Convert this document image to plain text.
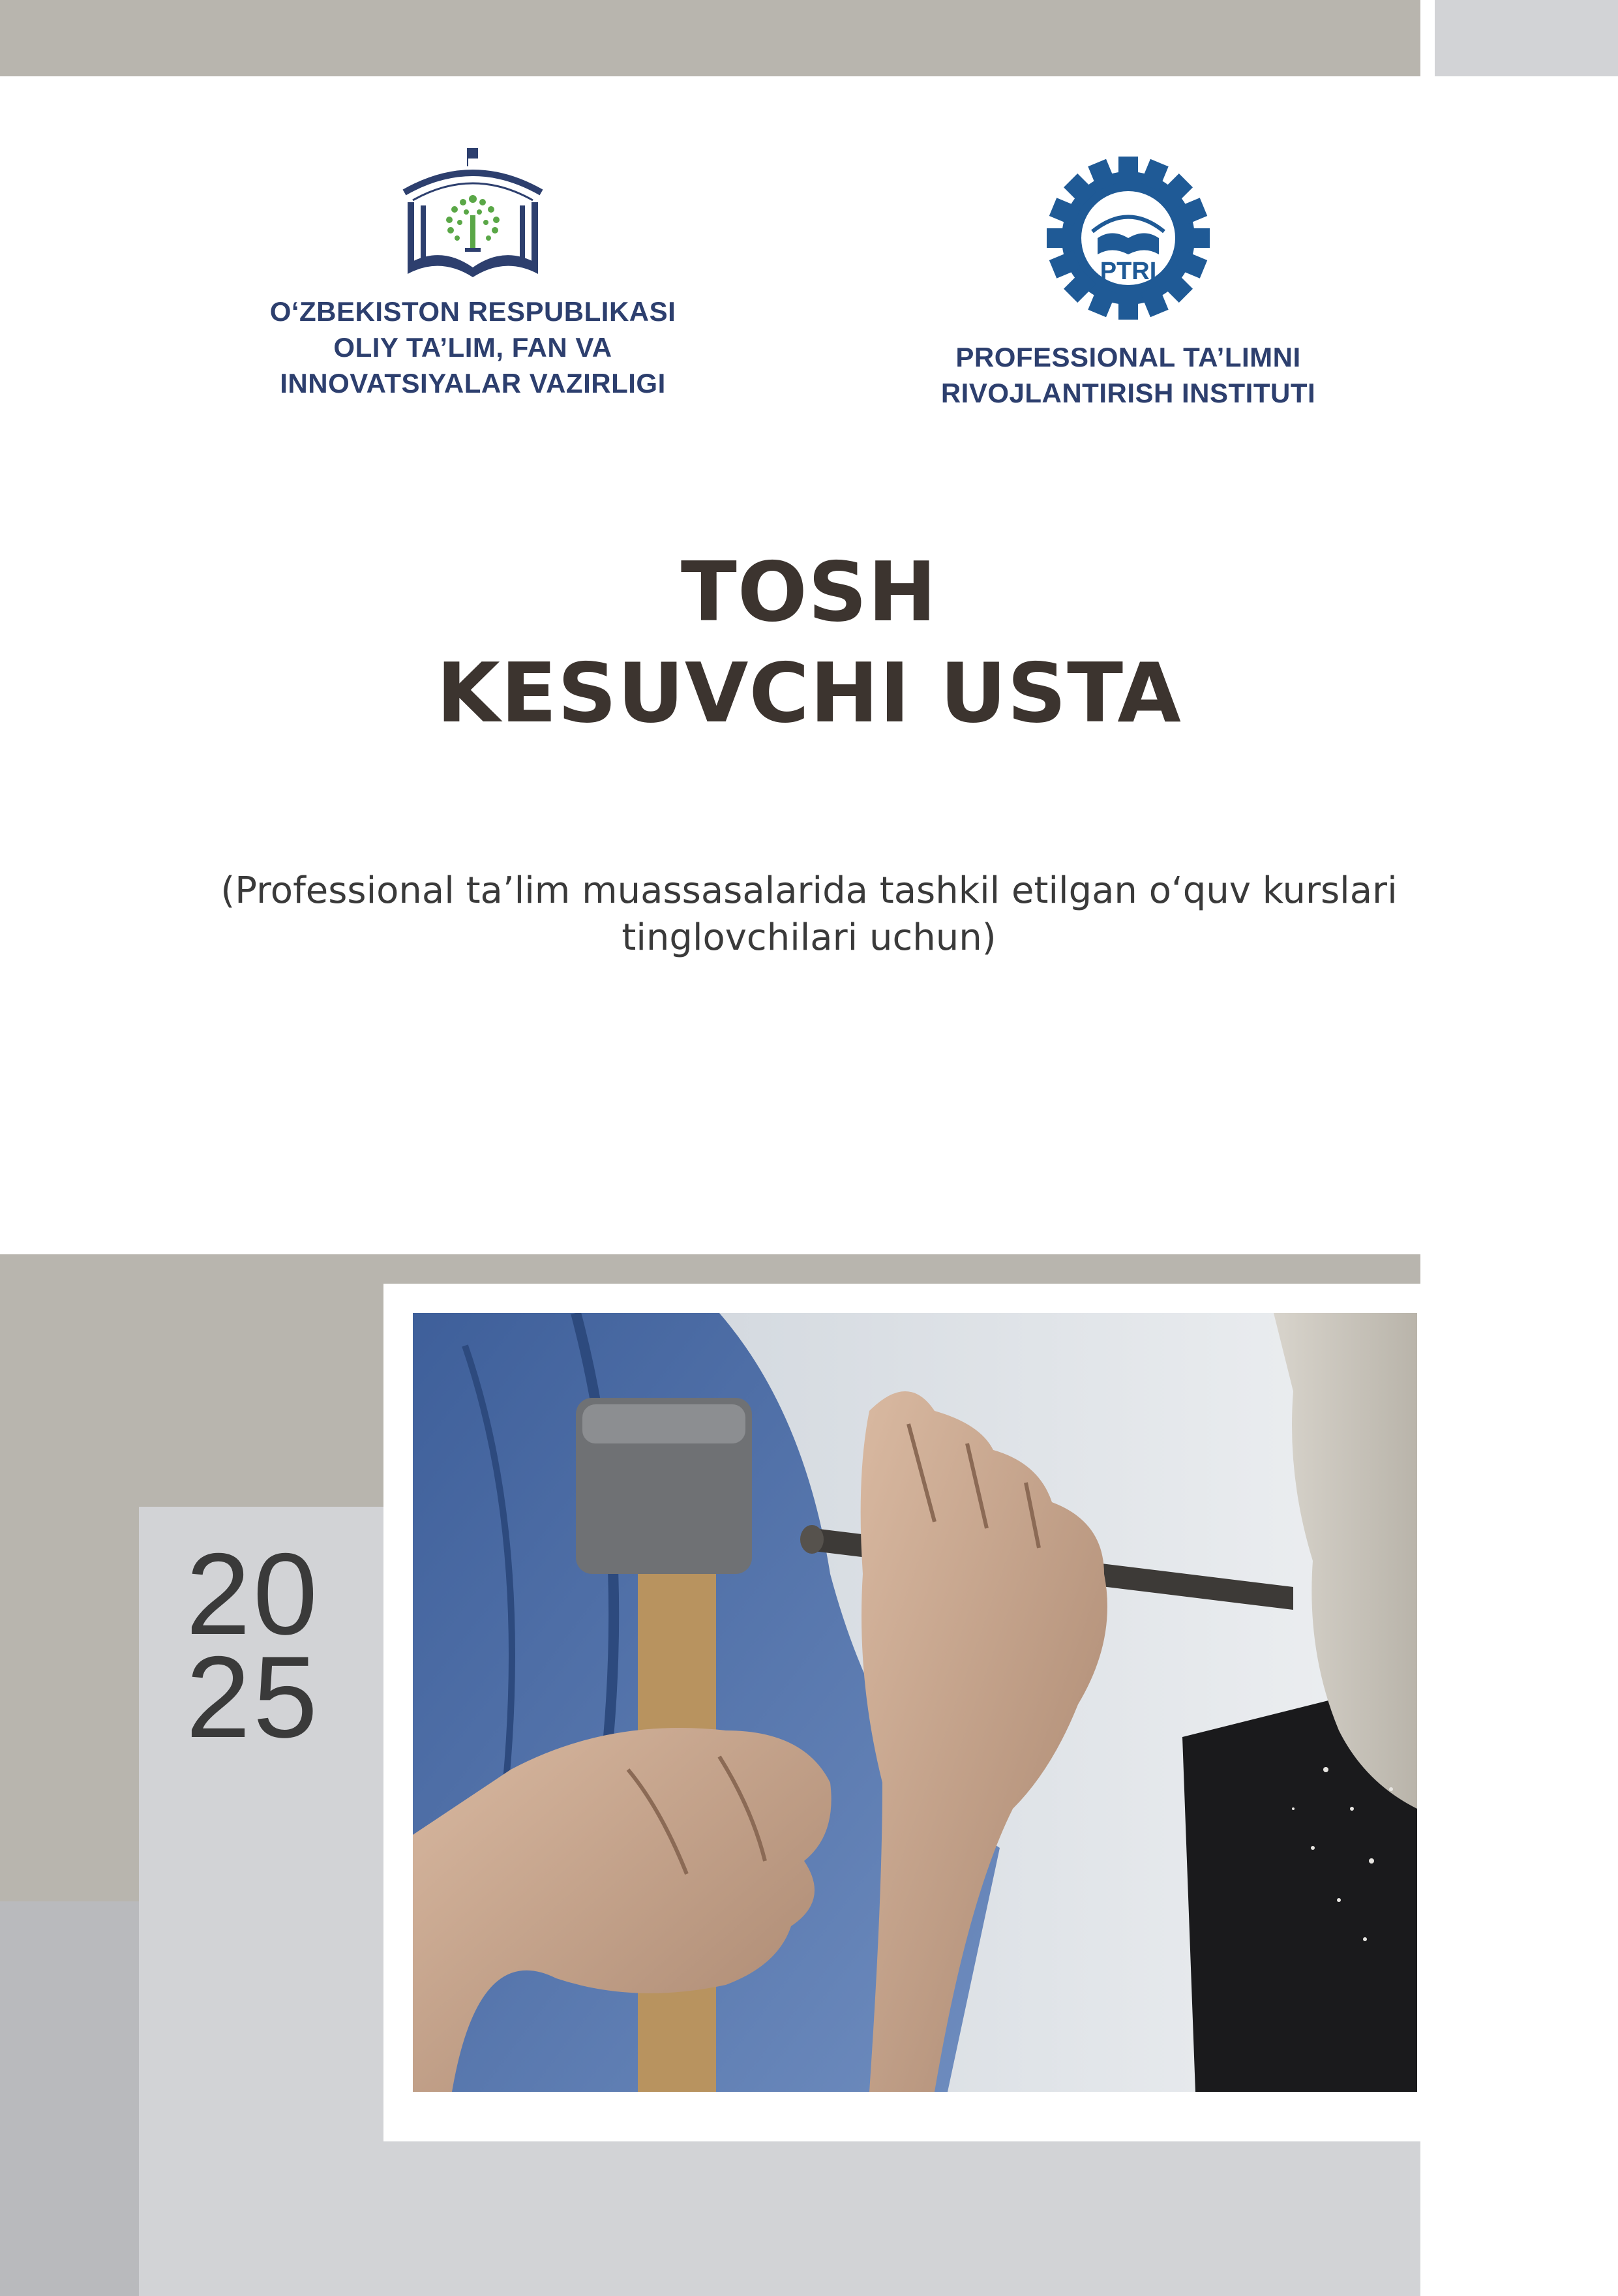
O‘ZBEKISTON RESPUBLIKASI
OLIY TA’LIM, FAN VA
INNOVATSIYALAR VAZIRLIGI
PTRI
PROFESSIONAL TA’LIMNI
RIVOJLANTIRISH INSTITUTI
TOSH
KESUVCHI USTA
(Professional ta’lim muassasalarida tashkil etilgan o‘quv kurslari
tinglovchilari uchun)
20
25
